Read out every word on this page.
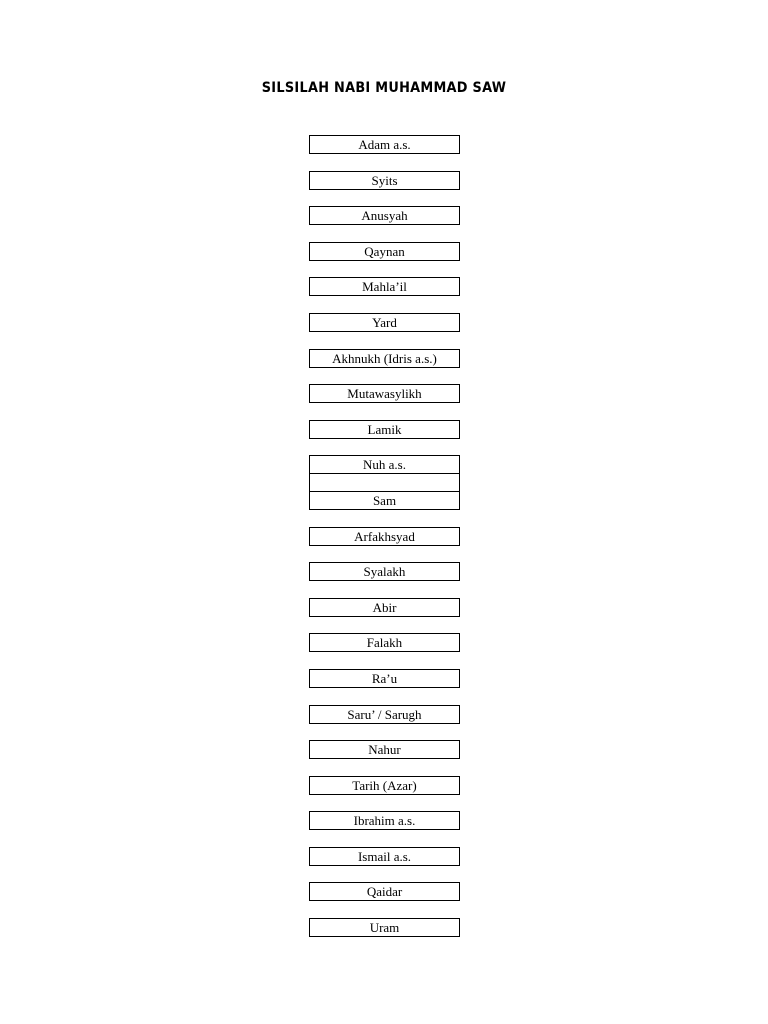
SILSILAH NABI MUHAMMAD SAW
Adam a.s.
Syits
Anusyah
Qaynan
Mahla’il
Yard
Akhnukh (Idris a.s.)
Mutawasylikh
Lamik
Nuh a.s.
Sam
Arfakhsyad
Syalakh
Abir
Falakh
Ra’u
Saru’ / Sarugh
Nahur
Tarih (Azar)
Ibrahim a.s.
Ismail a.s.
Qaidar
Uram
